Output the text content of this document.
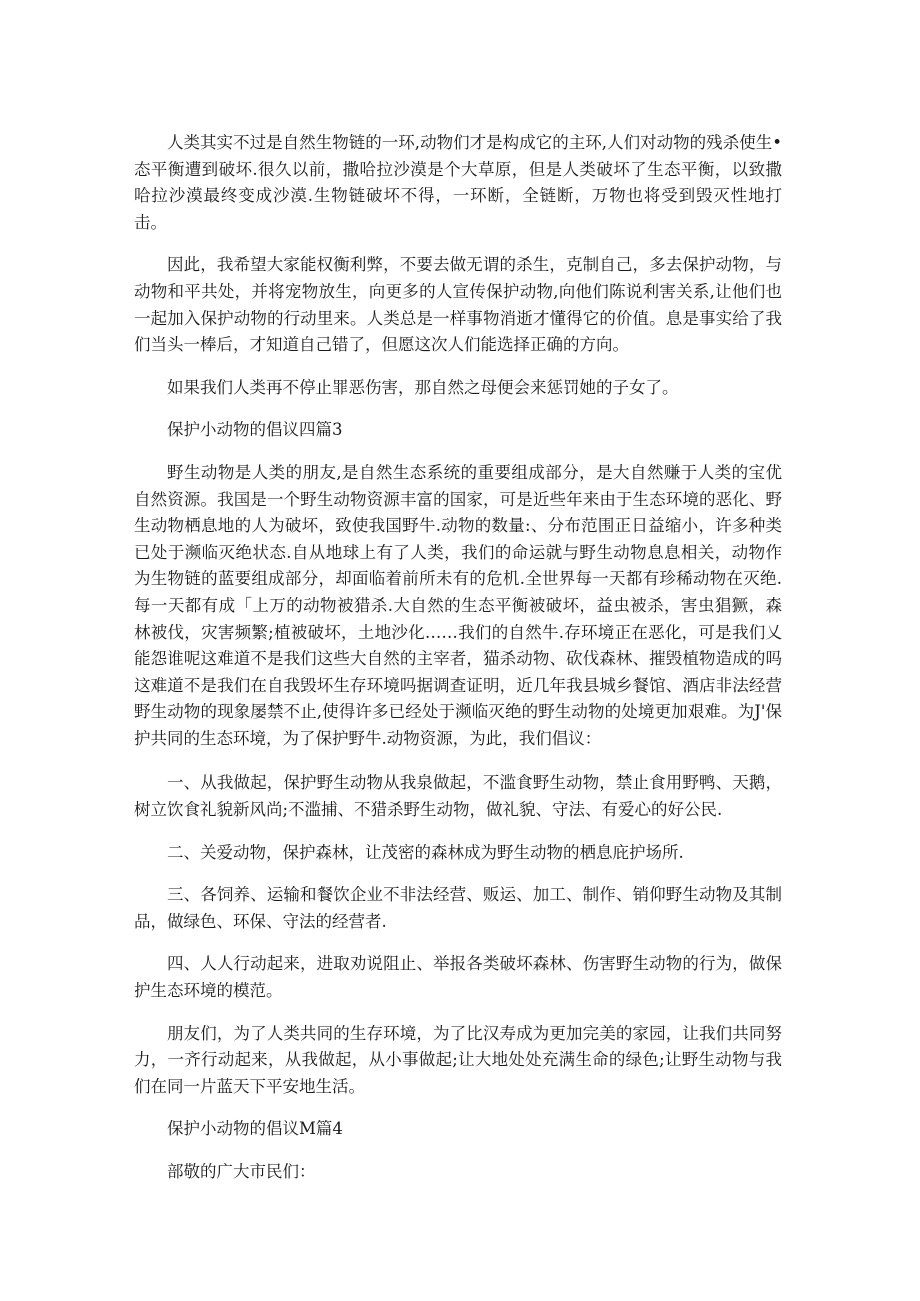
人类其实不过是自然生物链的一环,动物们才是构成它的主环,人们对动物的残杀使生•态平衡遭到破坏.很久以前，撒哈拉沙漠是个大草原，但是人类破坏了生态平衡，以致撒哈拉沙漠最终变成沙漠.生物链破坏不得，一环断，全链断，万物也将受到毁灭性地打击。

因此，我希望大家能权衡利弊，不要去做无谓的杀生，克制自己，多去保护动物，与动物和平共处，并将宠物放生，向更多的人宣传保护动物,向他们陈说利害关系,让他们也一起加入保护动物的行动里来。人类总是一样事物消逝才懂得它的价值。息是事实给了我们当头一棒后，才知道自己错了，但愿这次人们能选择正确的方向。

如果我们人类再不停止罪恶伤害，那自然之母便会来惩罚她的子女了。

保护小动物的倡议四篇3

野生动物是人类的朋友,是自然生态系统的重要组成部分，是大自然赚于人类的宝优自然资源。我国是一个野生动物资源丰富的国家，可是近些年来由于生态环境的恶化、野生动物栖息地的人为破坏，致使我国野牛.动物的数量:、分布范围正日益缩小，许多种类已处于濒临灭绝状态.自从地球上有了人类，我们的命运就与野生动物息息相关，动物作为生物链的蓝要组成部分，却面临着前所未有的危机.全世界每一天都有珍稀动物在灭绝.每一天都有成「上万的动物被猎杀.大自然的生态平衡被破坏，益虫被杀，害虫猖獗，森林被伐，灾害频繁;植被破坏，土地沙化……我们的自然牛.存环境正在恶化，可是我们乂能怨谁呢这难道不是我们这些大自然的主宰者，猫杀动物、砍伐森林、摧毁植物造成的吗这难道不是我们在自我毁坏生存环境吗据调查证明，近几年我县城乡餐馆、酒店非法经营野生动物的现象屡禁不止,使得许多已经处于濒临灭绝的野生动物的处境更加艰难。为J'保护共同的生态环境，为了保护野牛.动物资源，为此，我们倡议：

一、从我做起，保护野生动物从我泉做起，不滥食野生动物，禁止食用野鸭、天鹅，树立饮食礼貌新风尚;不滥捕、不猎杀野生动物，做礼貌、守法、有爱心的好公民.

二、关爱动物，保护森林，让茂密的森林成为野生动物的栖息庇护场所.

三、各饲养、运输和餐饮企业不非法经营、贩运、加工、制作、销仰野生动物及其制品，做绿色、环保、守法的经营者.

四、人人行动起来，进取劝说阻止、举报各类破坏森林、伤害野生动物的行为，做保护生态环境的模范。

朋友们，为了人类共同的生存环境，为了比汉寿成为更加完美的家园，让我们共同努力，一齐行动起来，从我做起，从小事做起;让大地处处充满生命的绿色;让野生动物与我们在同一片蓝天下平安地生活。

保护小动物的倡议M篇4

部敬的广大市民们：
